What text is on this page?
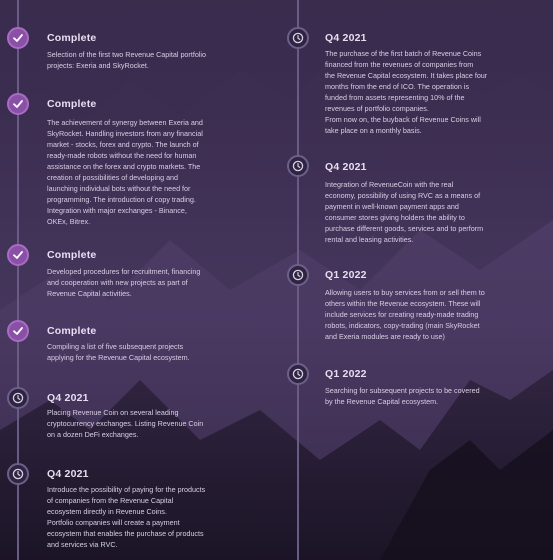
Complete
Selection of the first two Revenue Capital portfolio
projects: Exeria and SkyRocket.
Complete
The achievement of synergy between Exeria and
SkyRocket. Handling investors from any financial
market - stocks, forex and crypto. The launch of
ready-made robots without the need for human
assistance on the forex and crypto markets. The
creation of possibilities of developing and
launching individual bots without the need for
programming. The introduction of copy trading.
Integration with major exchanges - Binance,
OKEx, Bitrex.
Complete
Developed procedures for recruitment, financing
and cooperation with new projects as part of
Revenue Capital activities.
Complete
Compiling a list of five subsequent projects
applying for the Revenue Capital ecosystem.
Q4 2021
Placing Revenue Coin on several leading
cryptocurrency exchanges. Listing Revenue Coin
on a dozen DeFi exchanges.
Q4 2021
Introduce the possibility of paying for the products
of companies from the Revenue Capital
ecosystem directly in Revenue Coins.
Portfolio companies will create a payment
ecosystem that enables the purchase of products
and services via RVC.
Q4 2021
The purchase of the first batch of Revenue Coins
financed from the revenues of companies from
the Revenue Capital ecosystem. It takes place four
months from the end of ICO. The operation is
funded from assets representing 10% of the
revenues of portfolio companies.
From now on, the buyback of Revenue Coins will
take place on a monthly basis.
Q4 2021
Integration of RevenueCoin with the real
economy, possibility of using RVC as a means of
payment in well-known payment apps and
consumer stores giving holders the ability to
purchase different goods, services and to perform
rental and leasing activities.
Q1 2022
Allowing users to buy services from or sell them to
others within the Revenue ecosystem. These will
include services for creating ready-made trading
robots, indicators, copy-trading (main SkyRocket
and Exeria modules are ready to use)
Q1 2022
Searching for subsequent projects to be covered
by the Revenue Capital ecosystem.
